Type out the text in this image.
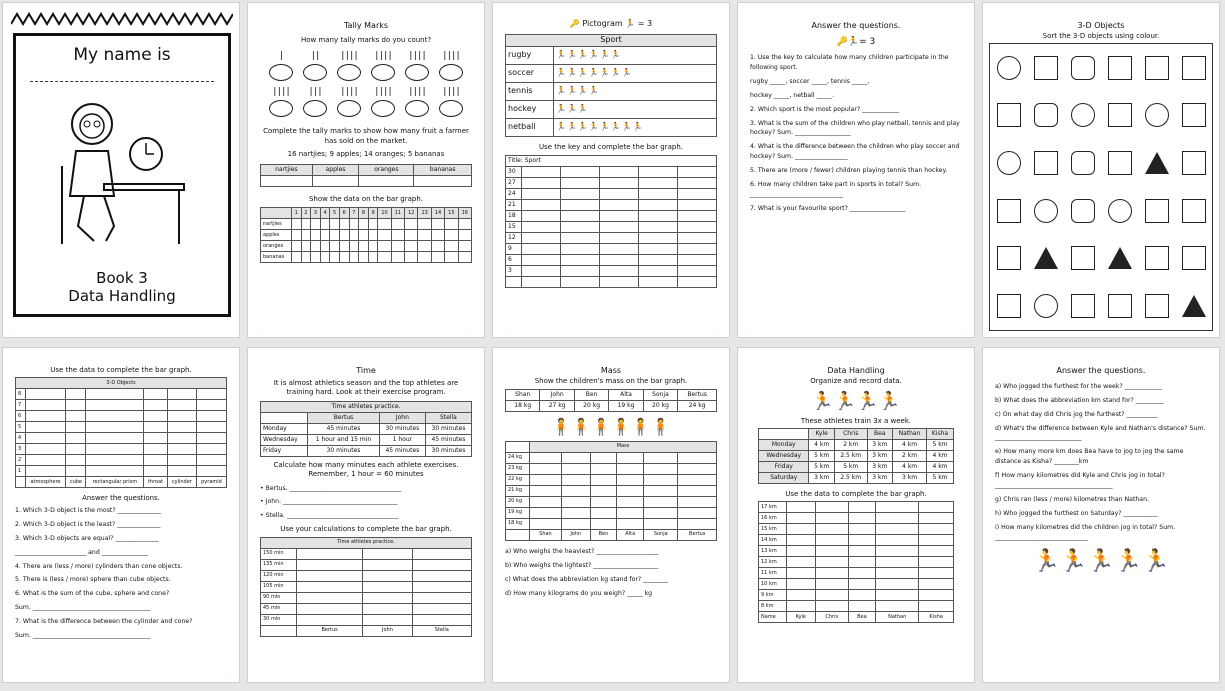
My name is
Book 3
Data Handling
·	·
Tally Marks
How many tally marks do you count?
|	|| |||| |||| |||| ||||
|||| ||| |||| |||| |||| ||||
Complete the tally marks to show how many fruit a farmer has sold on the market.
16 nartjies; 9 apples; 14 oranges; 5 bananas
nartjies	apples	oranges	bananas

Show the data on the bar graph.
	1	2	3	4	5	6	7	8	9	10	11	12	13	14	15	16
nartjies																
apples																
oranges																
bananas																
·	·
🔑 Pictogram 🏃 = 3
Sport	
rugby	🏃🏃🏃🏃🏃🏃
soccer	🏃🏃🏃🏃🏃🏃🏃
tennis	🏃🏃🏃🏃
hockey	🏃🏃🏃
netball	🏃🏃🏃🏃🏃🏃🏃🏃
Use the key and complete the bar graph.
Title: Sport					
30					
27					
24					
21					
18					
15					
12					
9					
6					
3					

·	·
Answer the questions.
🔑🏃= 3
1. Use the key to calculate how many children participate in the following sport.
rugby _____, soccer _____, tennis _____,
hockey _____, netball _____.
2. Which sport is the most popular? ____________
3. What is the sum of the children who play netball, tennis and play hockey? Sum. __________________
4. What is the difference between the children who play soccer and hockey? Sum. _________________
5. There are (more / fewer) children playing tennis than hockey.
6. How many children take part in sports in total? Sum. ______________________________
7. What is your favourite sport? __________________
·	·
3-D Objects
Sort the 3-D objects using colour.
·	·
Use the data to complete the bar graph.
3-D Objects						
8						
7						
6						
5						
4						
3						
2						
1						
	atmosphere	cube	rectangular prism	throat	cylinder	pyramid
Answer the questions.
1. Which 3-D object is the most? ______________
2. Which 3-D object is the least? ______________
3. Which 3-D objects are equal? ______________
_______________________ and _______________
4. There are (less / more) cylinders than cone objects.
5. There is (less / more) sphere than cube objects.
6. What is the sum of the cube, sphere and cone?
Sum. ______________________________________
7. What is the difference between the cylinder and cone?
Sum. ______________________________________
·	·
Time
It is almost athletics season and the top athletes are training hard. Look at their exercise program.
Time athletes practice.			
	Bertus	John	Stella
Monday	45 minutes	30 minutes	30 minutes
Wednesday	1 hour and 15 min	1 hour	45 minutes
Friday	30 minutes	45 minutes	30 minutes
Calculate how many minutes each athlete exercises.
Remember, 1 hour = 60 minutes
• Bertus. ____________________________________
• John. _____________________________________
• Stella. ____________________________________
Use your calculations to complete the bar graph.
Time athletes practice.			
150 min			
135 min			
120 min			
105 min			
90 min			
45 min			
30 min			
	Bertus	John	Stella
·	·
Mass
Show the children's mass on the bar graph.
Shan	John	Ben	Alta	Sonja	Bertus
18 kg	27 kg	20 kg	19 kg	20 kg	24 kg
🧍🧍🧍🧍🧍🧍
	Mass					
24 kg						
23 kg						
22 kg						
21 kg						
20 kg						
19 kg						
18 kg						
	Shan	John	Ben	Alta	Sonja	Bertus
a) Who weighs the heaviest? ____________________
b) Who weighs the lightest? _____________________
c) What does the abbreviation kg stand for? ________
d) How many kilograms do you weigh? _____ kg
·	·
Data Handling
Organize and record data.
🏃🏃🏃🏃
These athletes train 3x a week.
	Kyle	Chris	Bea	Nathan	Kisha
Monday	4 km	2 km	3 km	4 km	5 km
Wednesday	5 km	2.5 km	3 km	2 km	4 km
Friday	5 km	5 km	3 km	4 km	4 km
Saturday	3 km	2.5 km	3 km	3 km	5 km
Use the data to complete the bar graph.
17 km					
16 km					
15 km					
14 km					
13 km					
12 km					
11 km					
10 km					
9 km					
8 km					
Name	Kyle	Chris	Bea	Nathan	Kisha
·	·
Answer the questions.
a) Who jogged the furthest for the week? ____________
b) What does the abbreviation km stand for? _________
c) On what day did Chris jog the furthest? __________
d) What's the difference between Kyle and Nathan's distance? Sum. ____________________________
e) How many more km does Bea have to jog to jog the same distance as Kisha? ________km
f) How many kilometres did Kyle and Chris jog in total? ______________________________________
g) Chris ran (less / more) kilometres than Nathan.
h) Who jogged the furthest on Saturday? ___________
i) How many kilometres did the children jog in total? Sum. ______________________________
🏃🏃🏃🏃🏃
·	·
